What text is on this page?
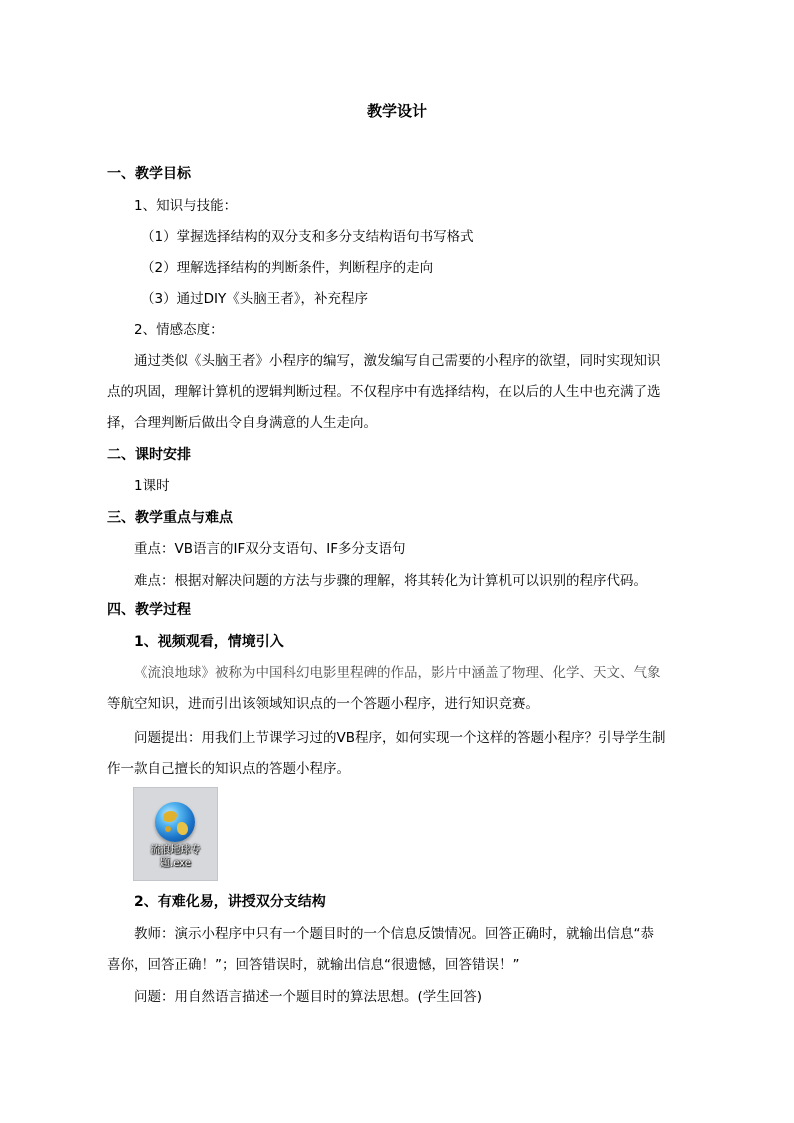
教学设计
一、教学目标
1、知识与技能：
（1）掌握选择结构的双分支和多分支结构语句书写格式
（2）理解选择结构的判断条件，判断程序的走向
（3）通过DIY《头脑王者》，补充程序
2、情感态度：
通过类似《头脑王者》小程序的编写，激发编写自己需要的小程序的欲望，同时实现知识
点的巩固，理解计算机的逻辑判断过程。不仅程序中有选择结构，在以后的人生中也充满了选
择，合理判断后做出令自身满意的人生走向。
二、课时安排
1课时
三、教学重点与难点
重点：VB语言的IF双分支语句、IF多分支语句
难点：根据对解决问题的方法与步骤的理解，将其转化为计算机可以识别的程序代码。
四、教学过程
1、视频观看，情境引入
《流浪地球》被称为中国科幻电影里程碑的作品，影片中涵盖了物理、化学、天文、气象
等航空知识，进而引出该领域知识点的一个答题小程序，进行知识竞赛。
问题提出：用我们上节课学习过的VB程序，如何实现一个这样的答题小程序？引导学生制
作一款自己擅长的知识点的答题小程序。
流浪地球专题.exe
2、有难化易，讲授双分支结构
教师：演示小程序中只有一个题目时的一个信息反馈情况。回答正确时，就输出信息“恭
喜你，回答正确！”；回答错误时，就输出信息“很遗憾，回答错误！”
问题：用自然语言描述一个题目时的算法思想。(学生回答)
